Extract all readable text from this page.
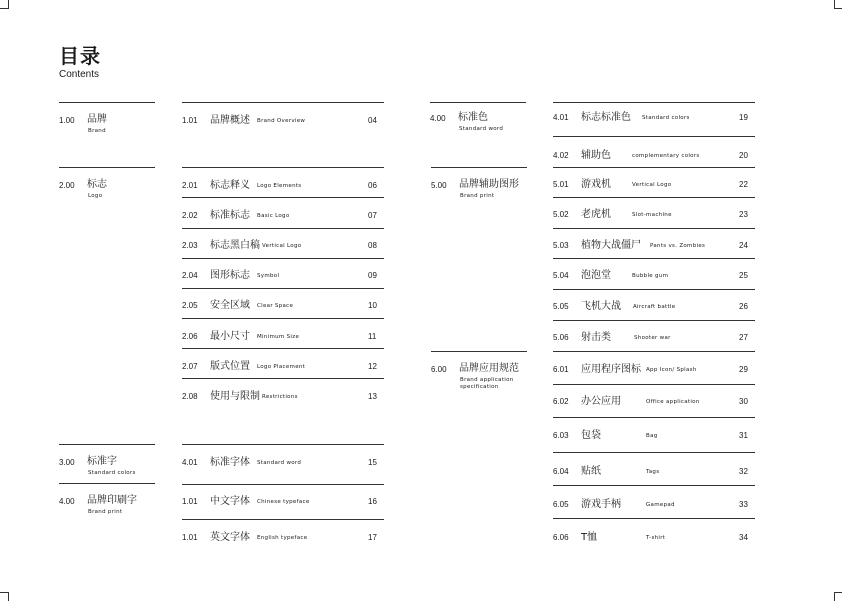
目录
Contents
1.00 品牌
Brand
2.00 标志
Logo
3.00 标准字
Standard colors
4.00 品牌印刷字
Brand print
1.01 品牌概述 Brand Overview	04
2.01 标志释义 Logo Elements	06
2.02 标准标志 Basic Logo	07
2.03 标志黑白稿 Vertical Logo	08
2.04 图形标志 Symbol	09
2.05 安全区域 Clear Space	10
2.06 最小尺寸 Minimum Size	11
2.07 版式位置 Logo Placement	12
2.08 使用与限制 Restrictions	13
4.01 标准字体 Standard word	15
1.01 中文字体 Chinese typeface	16
1.01 英文字体 English typeface	17
4.00 标准色
Standard word
5.00 品牌辅助图形
Brand print
6.00 品牌应用规范
Brand application
specification
4.01 标志标准色 Standard colors	19
4.02 辅助色	complementary colors	20
5.01 游戏机	Vertical Logo	22
5.02 老虎机	Slot-machine	23
5.03 植物大战僵尸 Pants vs. Zombies	24
5.04 泡泡堂	Bubble gum	25
5.05 飞机大战 Aircraft battle	26
5.06 射击类	Shooter war	27
6.01 应用程序图标 App Icon/ Splash	29
6.02 办公应用	Office application	30
6.03 包袋	Bag	31
6.04 贴纸	Tags	32
6.05 游戏手柄	Gamepad	33
6.06 T恤	T-shirt	34
